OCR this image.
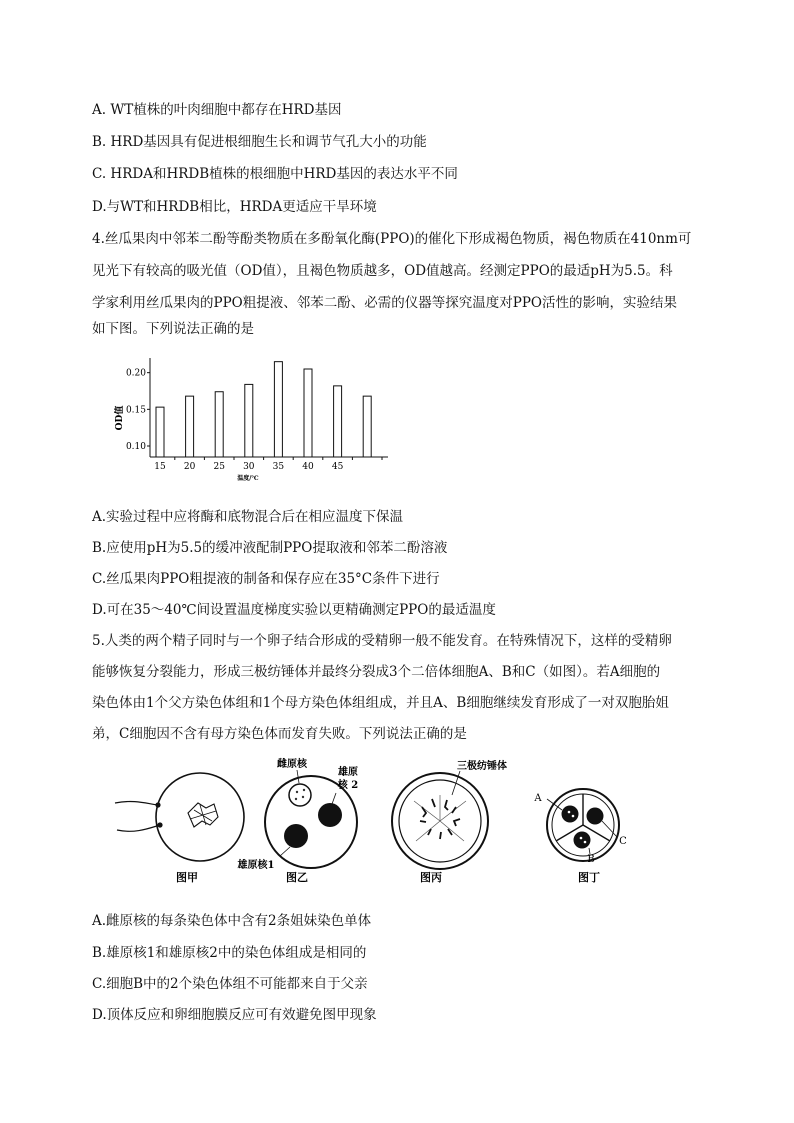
A. WT植株的叶肉细胞中都存在HRD基因
B. HRD基因具有促进根细胞生长和调节气孔大小的功能
C. HRDA和HRDB植株的根细胞中HRD基因的表达水平不同
D.与WT和HRDB相比，HRDA更适应干旱环境
4.丝瓜果肉中邻苯二酚等酚类物质在多酚氧化酶(PPO)的催化下形成褐色物质，褐色物质在410nm可
见光下有较高的吸光值（OD值），且褐色物质越多，OD值越高。经测定PPO的最适pH为5.5。科
学家利用丝瓜果肉的PPO粗提液、邻苯二酚、必需的仪器等探究温度对PPO活性的影响，实验结果
如下图。下列说法正确的是
15 20 25 30 35 40 45
0.10
0.15
0.20
OD值
温度/℃
A.实验过程中应将酶和底物混合后在相应温度下保温
B.应使用pH为5.5的缓冲液配制PPO提取液和邻苯二酚溶液
C.丝瓜果肉PPO粗提液的制备和保存应在35°C条件下进行
D.可在35～40℃间设置温度梯度实验以更精确测定PPO的最适温度
5.人类的两个精子同时与一个卵子结合形成的受精卵一般不能发育。在特殊情况下，这样的受精卵
能够恢复分裂能力，形成三极纺锤体并最终分裂成3个二倍体细胞A、B和C（如图）。若A细胞的
染色体由1个父方染色体组和1个母方染色体组组成，并且A、B细胞继续发育形成了一对双胞胎姐
弟，C细胞因不含有母方染色体而发育失败。下列说法正确的是
图甲
雌原核
雄原
核 2
雄原核1
图乙
三极纺锤体
图丙
A
B
C
图丁
A.雌原核的每条染色体中含有2条姐妹染色单体
B.雄原核1和雄原核2中的染色体组成是相同的
C.细胞B中的2个染色体组不可能都来自于父亲
D.顶体反应和卵细胞膜反应可有效避免图甲现象
